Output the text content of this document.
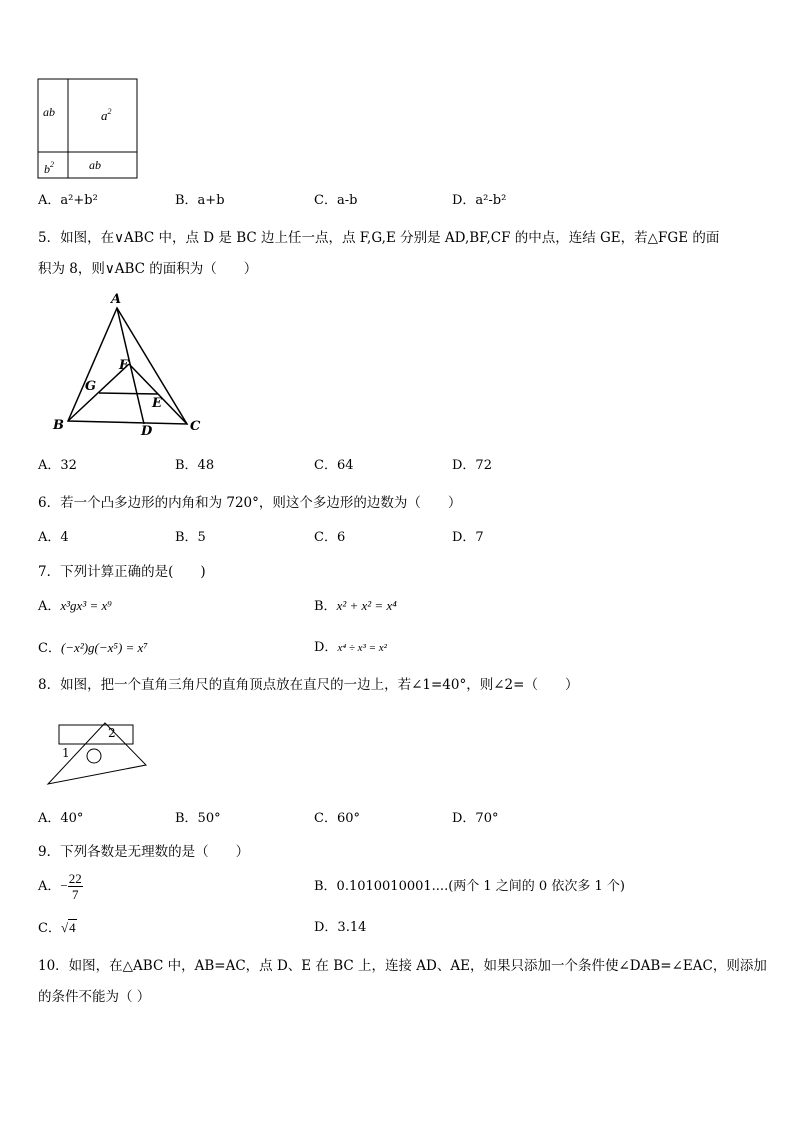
ab	$a^2$
$b^2$	ab
A．a²+b²	B．a+b	C．a-b	D．a²-b²
5．如图，在∨ABC 中，点 D 是 BC 边上任一点，点 F,G,E 分别是 AD,BF,CF 的中点，连结 GE，若△FGE 的面
积为 8，则∨ABC 的面积为（　　）
A
F
G
E
B	D	C
A．32	B．48	C．64	D．72
6．若一个凸多边形的内角和为 720°，则这个多边形的边数为（　　）
A．4	B．5	C．6	D．7
7．下列计算正确的是(　　)
A．x³gx³ = x⁹	B．x² + x² = x⁴
C．(−x²)g(−x⁵) = x⁷	D．x⁴ ÷ x³ = x²
8．如图，把一个直角三角尺的直角顶点放在直尺的一边上，若∠1=40°，则∠2=（　　）
1
2
A．40°	B．50°	C．60°	D．70°
9．下列各数是无理数的是（　　）
A．− $\frac{22}{7}$	B．0.1010010001....(两个 1 之间的 0 依次多 1 个)
C．√4	D．3.14
10．如图，在△ABC 中，AB=AC，点 D、E 在 BC 上，连接 AD、AE，如果只添加一个条件使∠DAB=∠EAC，则添加
的条件不能为（ ）
